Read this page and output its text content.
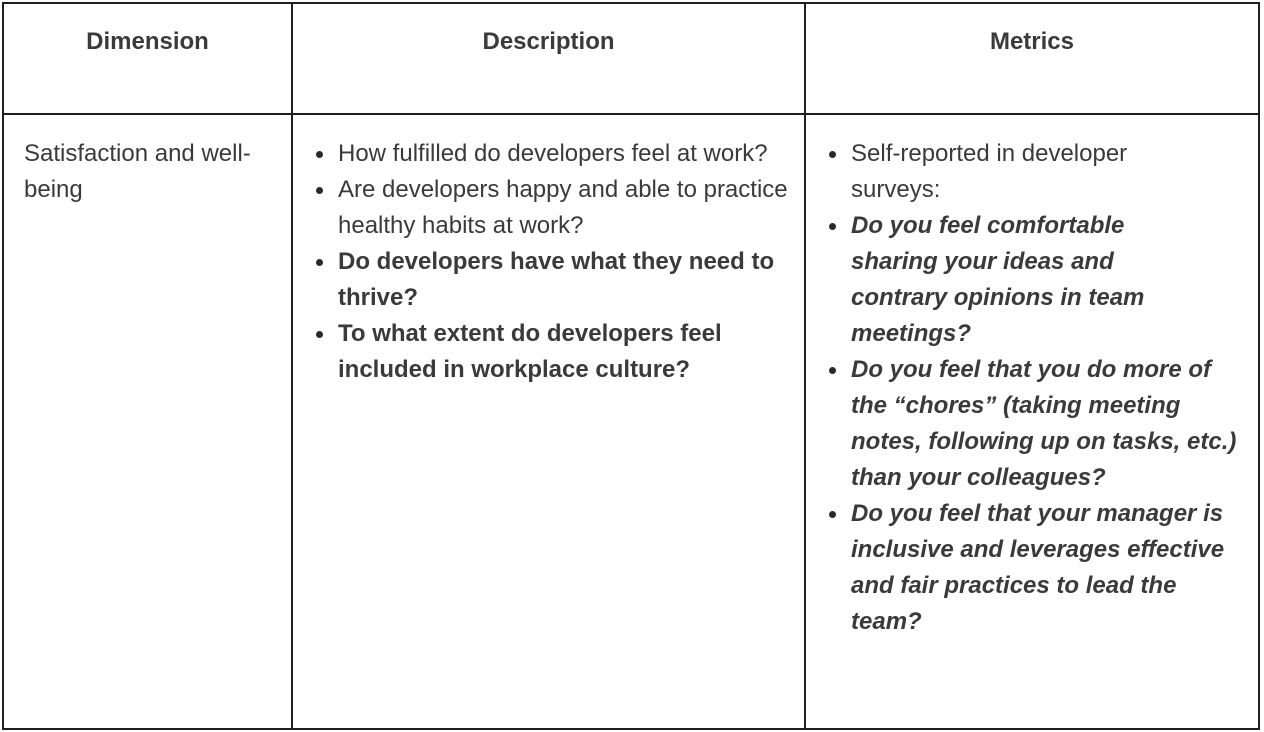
Dimension	Description	Metrics
Satisfaction and well-being
How fulfilled do developers feel at work?
Are developers happy and able to practice healthy habits at work?
Do developers have what they need to thrive?
To what extent do developers feel included in workplace culture?
Self-reported in developer surveys:
Do you feel comfortable sharing your ideas and contrary opinions in team meetings?
Do you feel that you do more of the “chores” (taking meeting notes, following up on tasks, etc.) than your colleagues?
Do you feel that your manager is inclusive and leverages effective and fair practices to lead the team?
